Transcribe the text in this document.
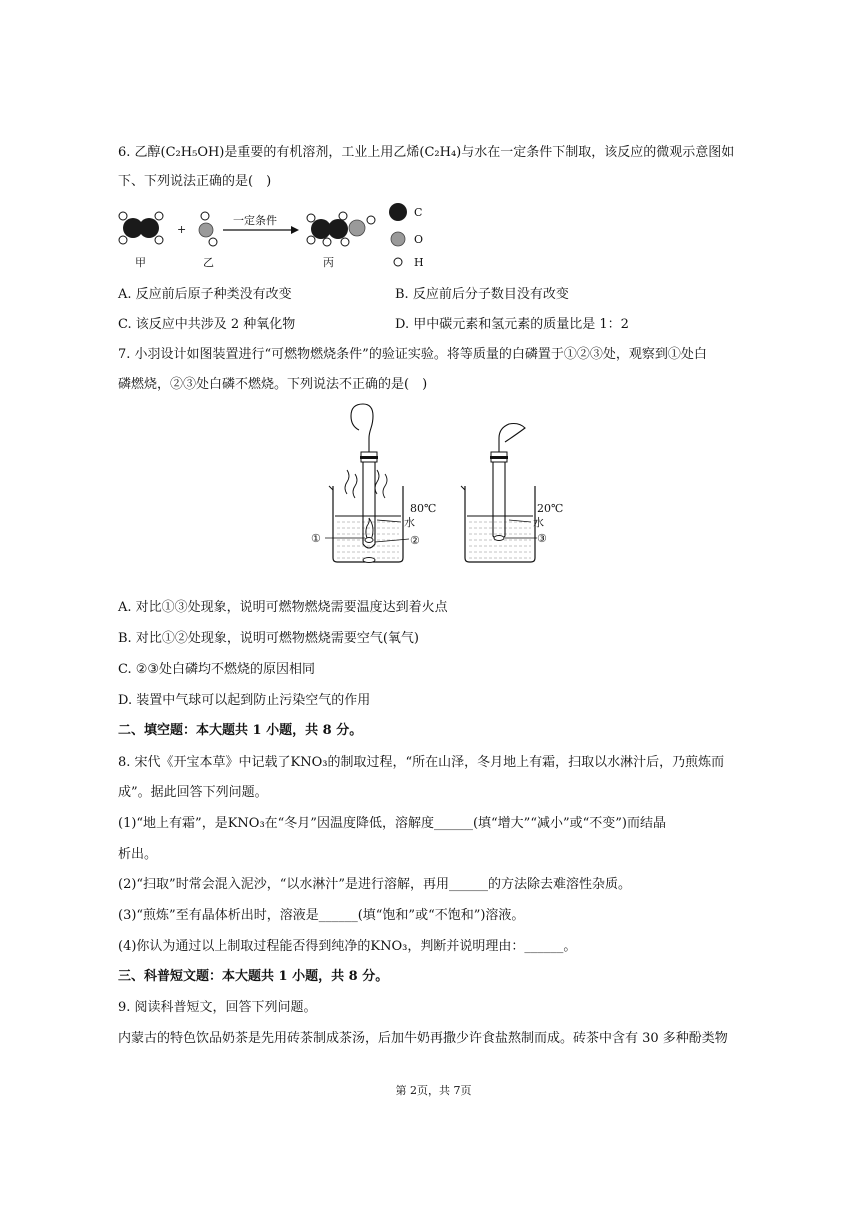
6. 乙醇(C₂H₅OH)是重要的有机溶剂，工业上用乙烯(C₂H₄)与水在一定条件下制取，该反应的微观示意图如
下、下列说法正确的是(　)
+
一定条件
甲	乙	丙
C
O
H
A. 反应前后原子种类没有改变	B. 反应前后分子数目没有改变
C. 该反应中共涉及 2 种氧化物	D. 甲中碳元素和氢元素的质量比是 1：2
7. 小羽设计如图装置进行“可燃物燃烧条件”的验证实验。将等质量的白磷置于①②③处，观察到①处白
磷燃烧，②③处白磷不燃烧。下列说法不正确的是(　)
80℃
水
①	②
20℃
水
③
A. 对比①③处现象，说明可燃物燃烧需要温度达到着火点
B. 对比①②处现象，说明可燃物燃烧需要空气(氧气)
C. ②③处白磷均不燃烧的原因相同
D. 装置中气球可以起到防止污染空气的作用
二、填空题：本大题共 1 小题，共 8 分。
8. 宋代《开宝本草》中记载了KNO₃的制取过程，“所在山泽，冬月地上有霜，扫取以水淋汁后，乃煎炼而
成”。据此回答下列问题。
(1)“地上有霜”，是KNO₃在“冬月”因温度降低，溶解度______(填“增大”“减小”或“不变”)而结晶
析出。
(2)“扫取”时常会混入泥沙，“以水淋汁”是进行溶解，再用______的方法除去难溶性杂质。
(3)“煎炼”至有晶体析出时，溶液是______(填“饱和”或“不饱和”)溶液。
(4)你认为通过以上制取过程能否得到纯净的KNO₃，判断并说明理由：______。
三、科普短文题：本大题共 1 小题，共 8 分。
9. 阅读科普短文，回答下列问题。
内蒙古的特色饮品奶茶是先用砖茶制成茶汤，后加牛奶再撒少许食盐熬制而成。砖茶中含有 30 多种酚类物
第 2页，共 7页
